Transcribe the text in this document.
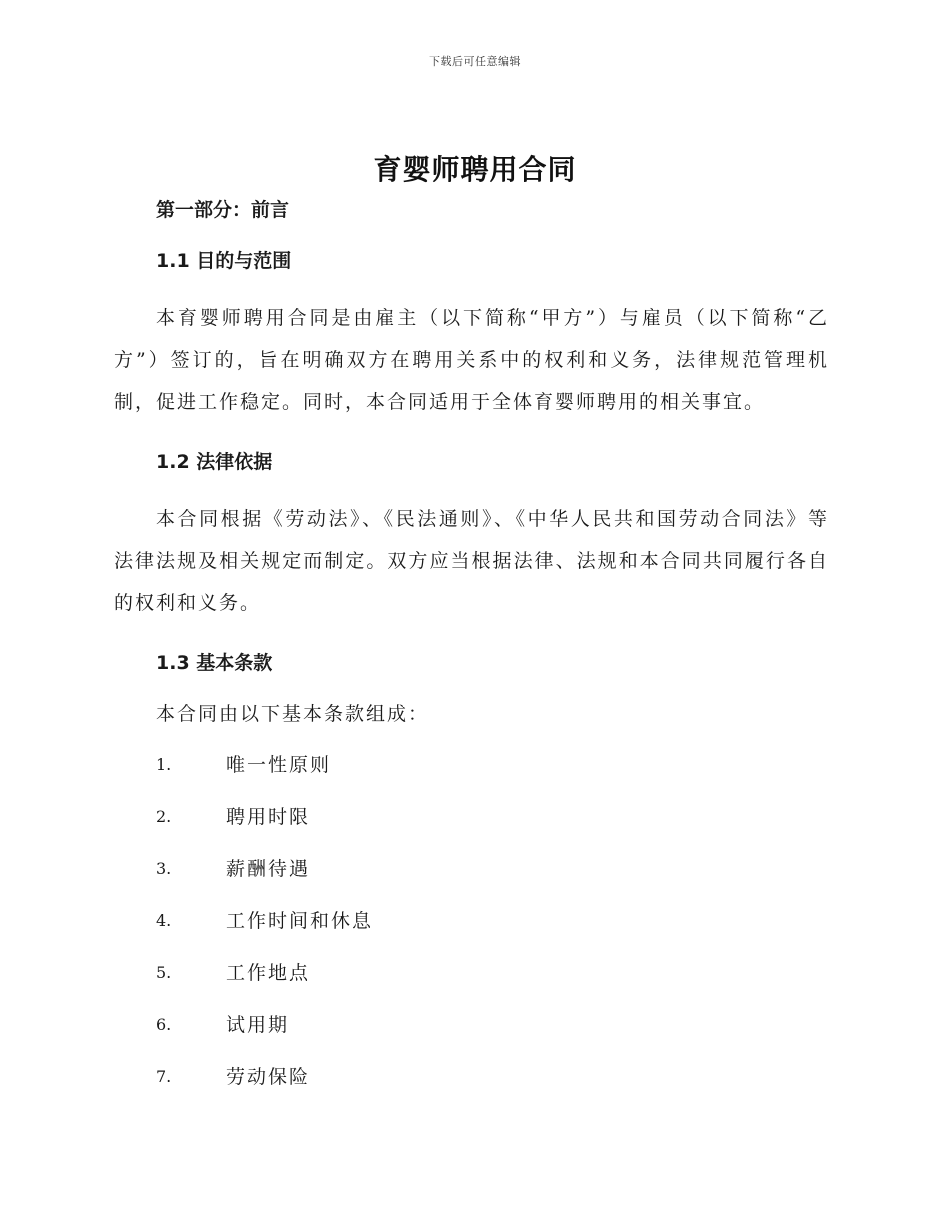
下载后可任意编辑
育婴师聘用合同
第一部分：前言
1.1 目的与范围

本育婴师聘用合同是由雇主（以下简称“甲方”）与雇员（以下简称“乙方”）签订的，旨在明确双方在聘用关系中的权利和义务，法律规范管理机制，促进工作稳定。同时，本合同适用于全体育婴师聘用的相关事宜。

1.2 法律依据

本合同根据《劳动法》、《民法通则》、《中华人民共和国劳动合同法》等法律法规及相关规定而制定。双方应当根据法律、法规和本合同共同履行各自的权利和义务。

1.3 基本条款
本合同由以下基本条款组成：
1.	唯一性原则
2.	聘用时限
3.	薪酬待遇
4.	工作时间和休息
5.	工作地点
6.	试用期
7.	劳动保险
